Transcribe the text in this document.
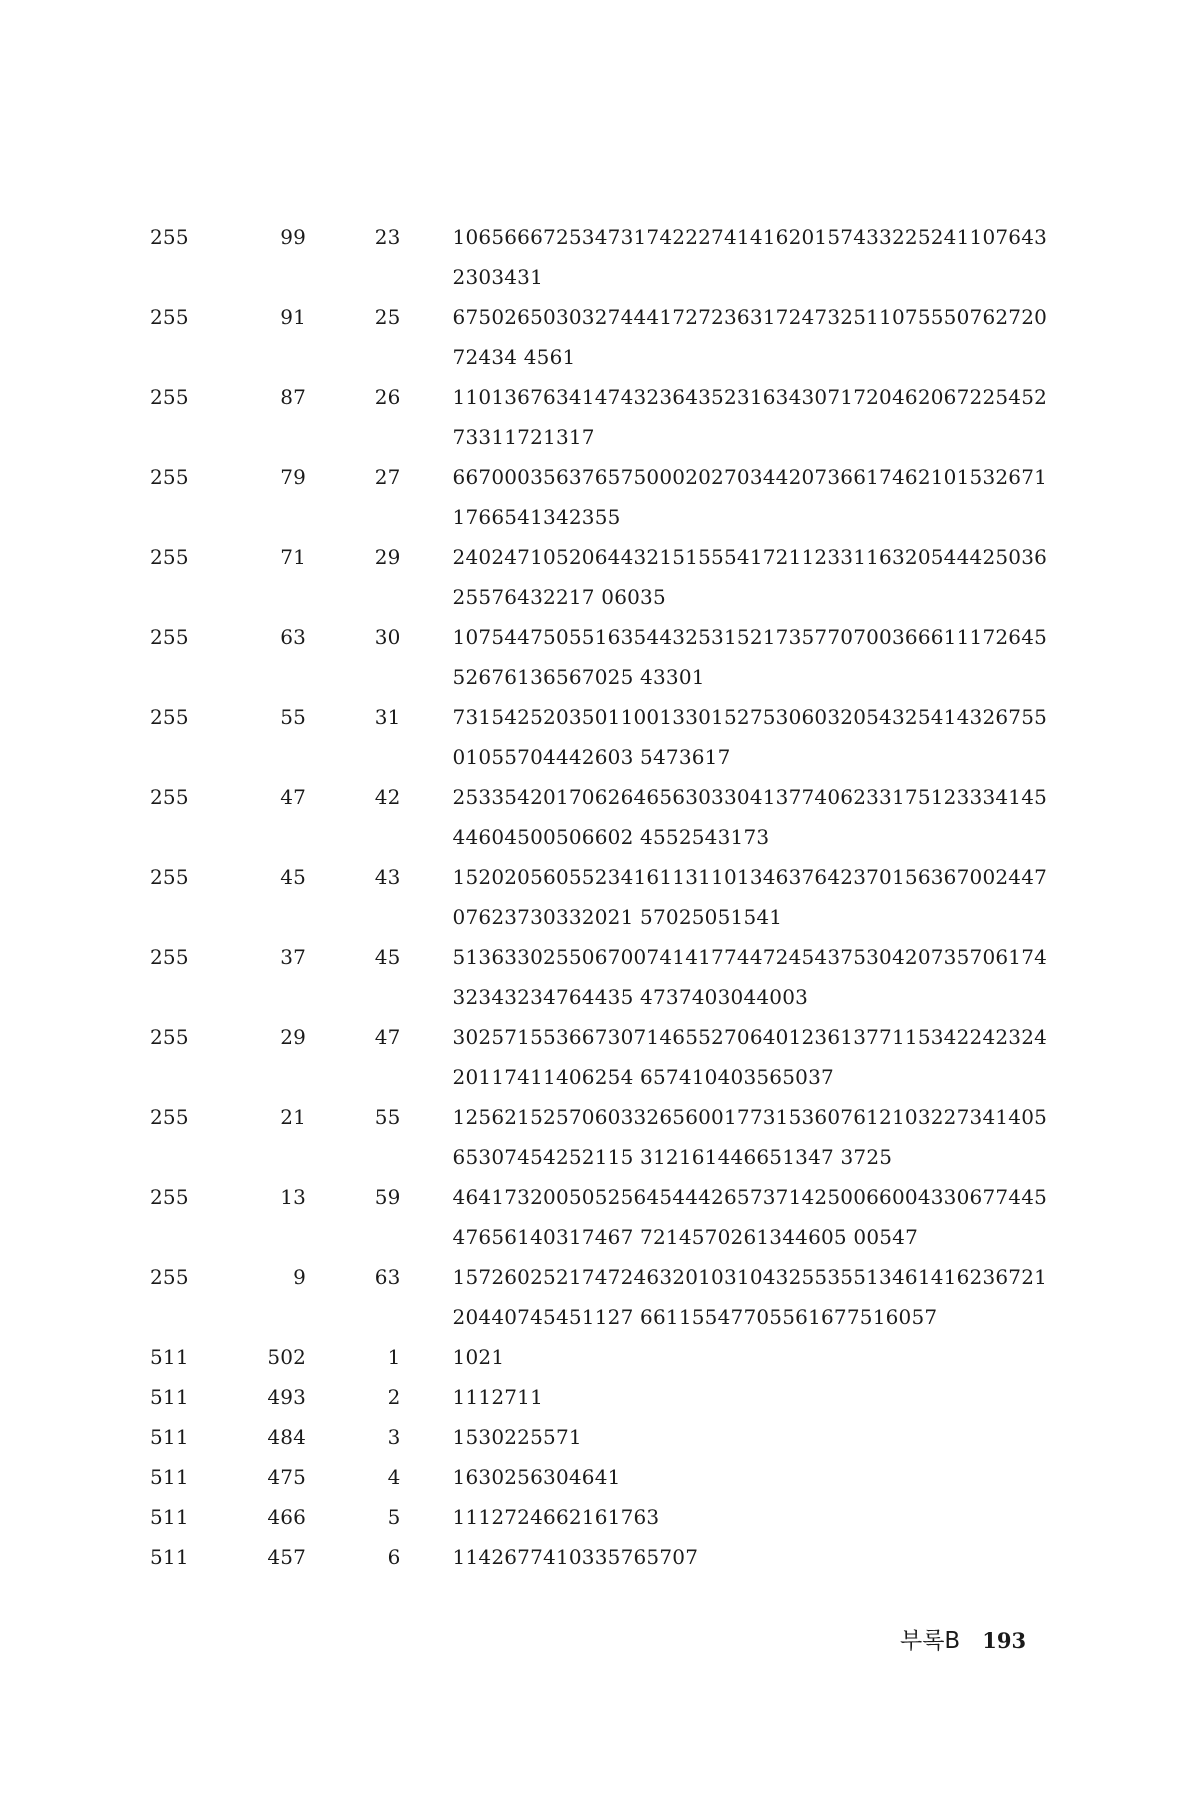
255	99	23	10656667253473174222741416201574332252411076432303431
255	91	25	675026503032744417272363172473251107555076272072434 4561
255	87	26	110136763414743236435231634307172046206722545273311721317
255	79	27	66700035637657500020270344207366174621015326711766541342355
255	71	29	240247105206443215155541721123311632054442503625576432217 06035
255	63	30	107544750551635443253152173577070036661117264552676136567025 43301
255	55	31	731542520350110013301527530603205432541432675501055704442603 5473617
255	47	42	253354201706264656303304137740623317512333414544604500506602 4552543173
255	45	43	152020560552341611311013463764237015636700244707623730332021 57025051541
255	37	45	513633025506700741417744724543753042073570617432343234764435 4737403044003
255	29	47	302571553667307146552706401236137711534224232420117411406254 657410403565037
255	21	55	125621525706033265600177315360761210322734140565307454252115 312161446651347 3725
255	13	59	464173200505256454442657371425006600433067744547656140317467 7214570261344605 00547
255	9	63	157260252174724632010310432553551346141623672120440745451127 66115547705561677516057
511	502	1	1021
511	493	2	1112711
511	484	3	1530225571
511	475	4	1630256304641
511	466	5	1112724662161763
511	457	6	1142677410335765707
부록B 193
